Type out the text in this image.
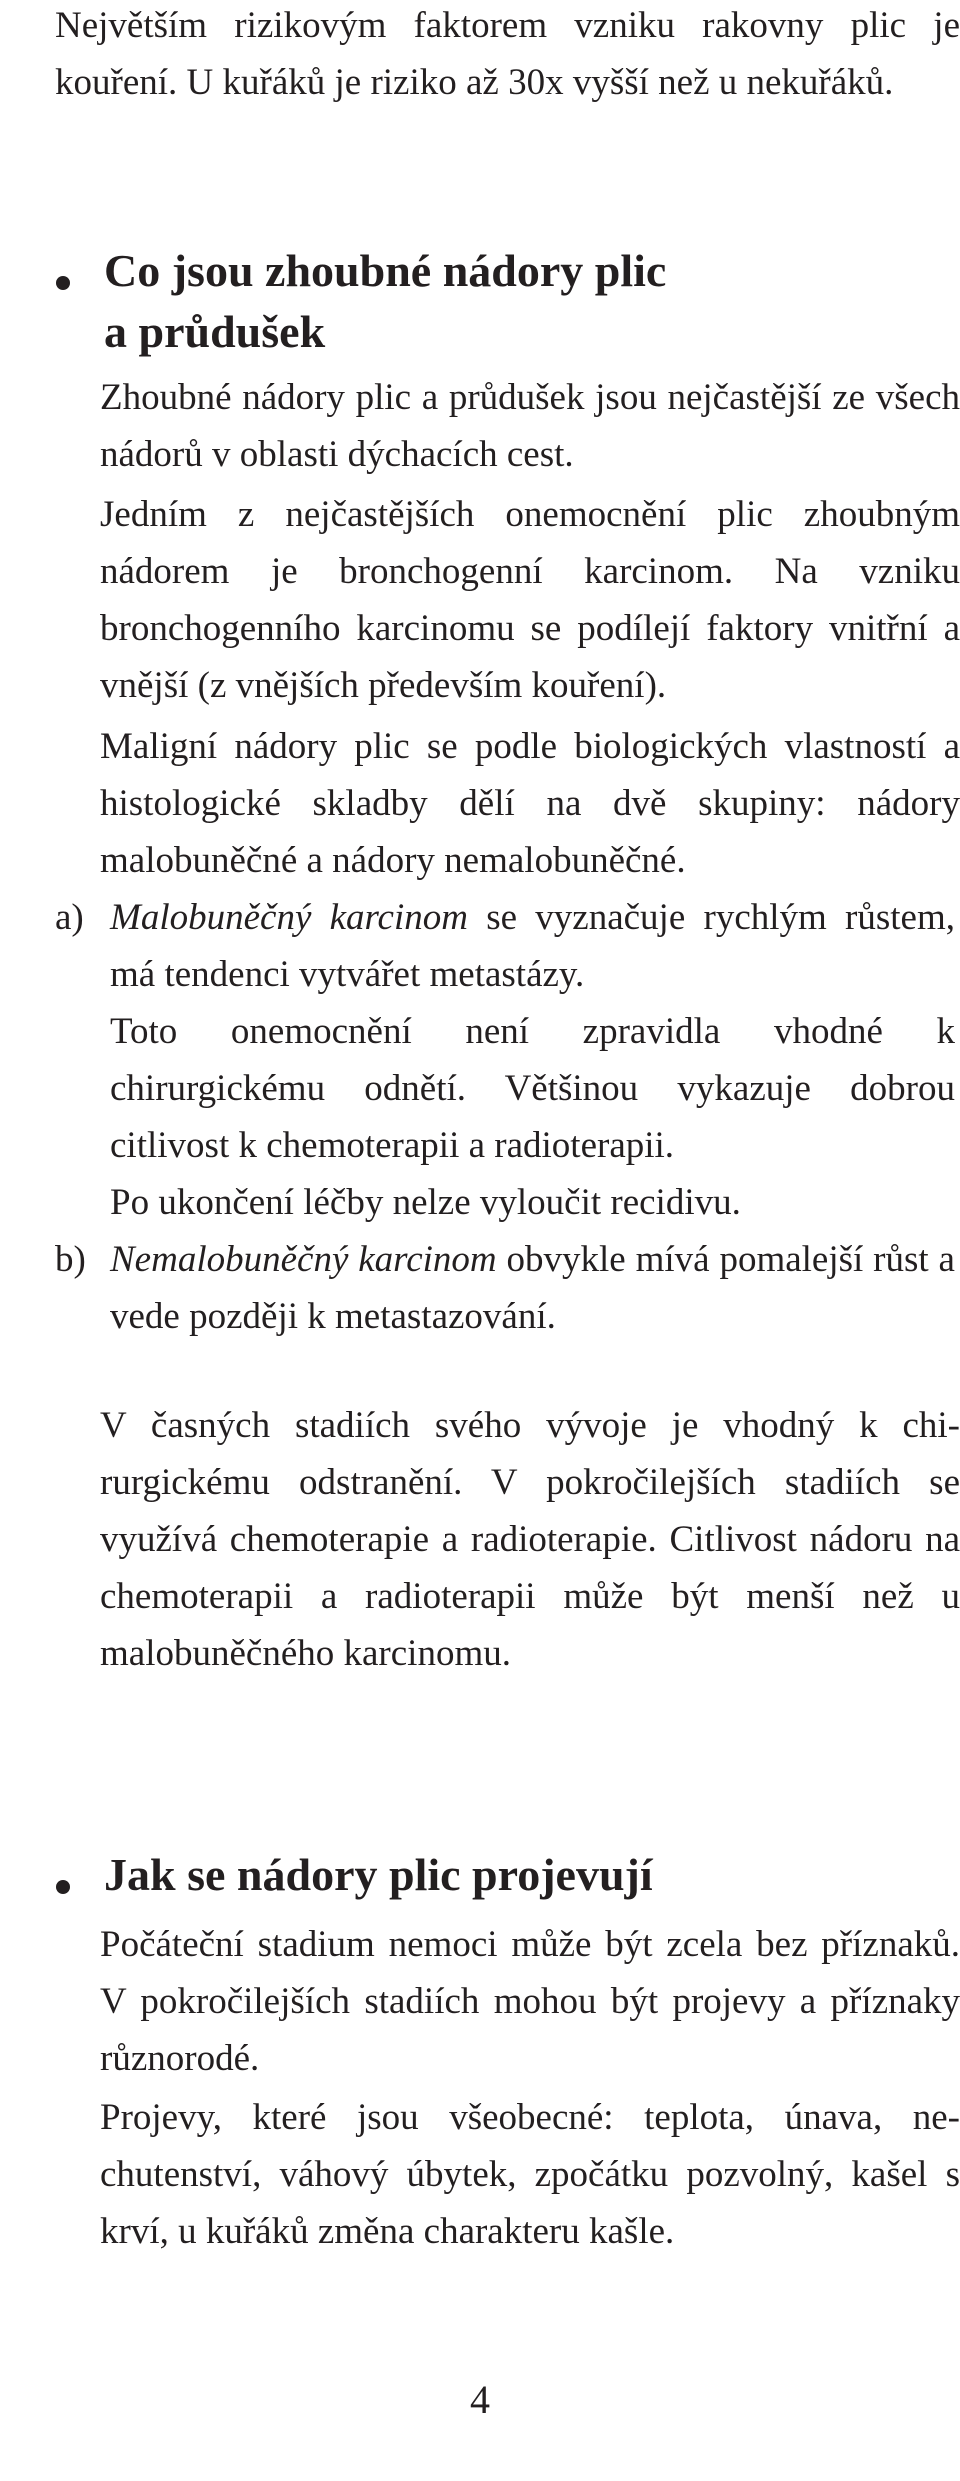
Největším rizikovým faktorem vzniku rakovny plic je kouření. U kuřáků je riziko až 30x vyšší než u nekuřáků.

Co jsou zhoubné nádory plic
a průdušek

Zhoubné nádory plic a průdušek jsou nejčastější ze všech nádorů v oblasti dýchacích cest.

Jedním z nejčastějších onemocnění plic zhoubným nádorem je bronchogenní karcinom. Na vzniku bronchogenního karcinomu se podílejí faktory vnitřní a vnější (z vnějších především kouření).

Maligní nádory plic se podle biologických vlastností a histologické skladby dělí na dvě skupiny: nádory malobuněčné a nádory nemalobuněčné.

a) Malobuněčný karcinom se vyznačuje rychlým růstem, má tendenci vytvářet metastázy.
Toto onemocnění není zpravidla vhodné k chirurgickému odnětí. Většinou vykazuje dobrou citlivost k chemoterapii a radioterapii.
Po ukončení léčby nelze vyloučit recidivu.
b) Nemalobuněčný karcinom obvykle mívá pomalejší růst a vede později k metastazování.

V časných stadiích svého vývoje je vhodný k chirurgickému odstranění. V pokročilejších stadiích se využívá chemoterapie a radioterapie. Citlivost nádoru na chemoterapii a radioterapii může být menší než u malobuněčného karcinomu.

Jak se nádory plic projevují

Počáteční stadium nemoci může být zcela bez příznaků. V pokročilejších stadiích mohou být projevy a příznaky různorodé.

Projevy, které jsou všeobecné: teplota, únava, nechutenství, váhový úbytek, zpočátku pozvolný, kašel s krví, u kuřáků změna charakteru kašle.

4
